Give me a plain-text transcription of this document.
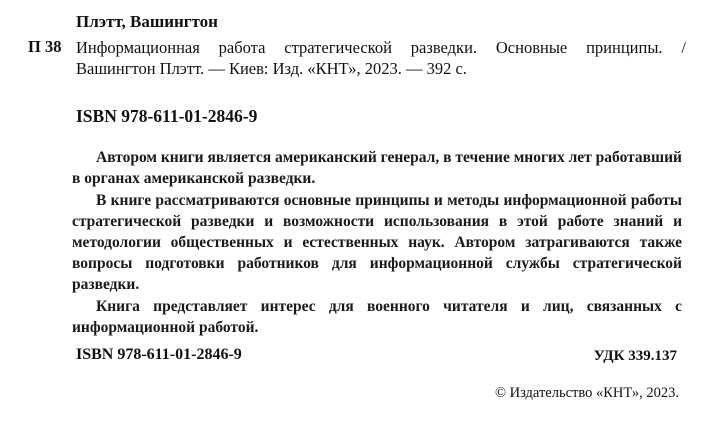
Плэтт, Вашингтон
П 38 Информационная работа стратегической разведки. Основные принципы. /
Вашингтон Плэтт. — Киев: Изд. «КНТ», 2023. — 392 с.
ISBN 978-611-01-2846-9

Автором книги является американский генерал, в течение многих лет работавший в органах американской разведки.

В книге рассматриваются основные принципы и методы информационной работы стратегической разведки и возможности использования в этой работе знаний и методологии общественных и естественных наук. Автором затрагиваются также вопросы подготовки работников для информационной службы стратегической разведки.

Книга представляет интерес для военного читателя и лиц, связанных с информационной работой.

ISBN 978-611-01-2846-9	УДК 339.137
© Издательство «КНТ», 2023.
